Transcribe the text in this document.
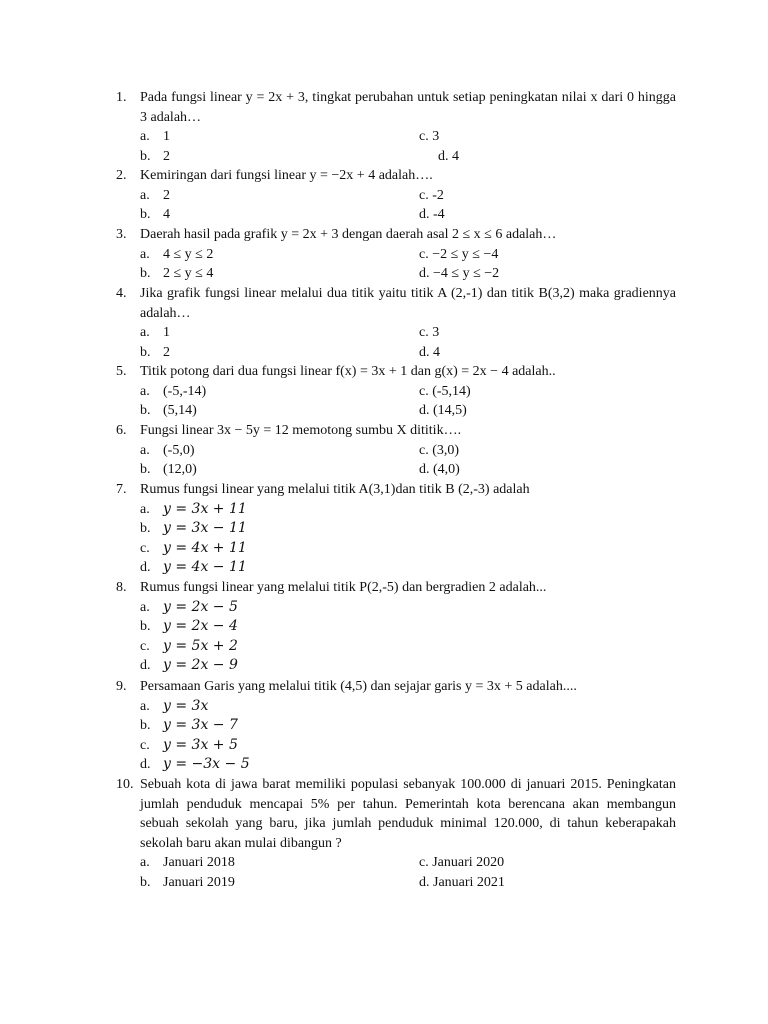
1. Pada fungsi linear y = 2x + 3, tingkat perubahan untuk setiap peningkatan nilai x dari 0 hingga 3 adalah…
a. 1	c. 3
b. 2	d. 4
2. Kemiringan dari fungsi linear y = −2x + 4 adalah….
a. 2	c. -2
b. 4	d. -4
3. Daerah hasil pada grafik y = 2x + 3 dengan daerah asal 2 ≤ x ≤ 6 adalah…
a. 4 ≤ y ≤ 2	c. −2 ≤ y ≤ −4
b. 2 ≤ y ≤ 4	d. −4 ≤ y ≤ −2
4. Jika grafik fungsi linear melalui dua titik yaitu titik A (2,-1) dan titik B(3,2) maka gradiennya adalah…
a. 1	c. 3
b. 2	d. 4
5. Titik potong dari dua fungsi linear f(x) = 3x + 1 dan g(x) = 2x − 4 adalah..
a. (-5,-14)	c. (-5,14)
b. (5,14)	d. (14,5)
6. Fungsi linear 3x − 5y = 12 memotong sumbu X dititik….
a. (-5,0)	c. (3,0)
b. (12,0)	d. (4,0)
7. Rumus fungsi linear yang melalui titik A(3,1)dan titik B (2,-3) adalah
a. y = 3x + 11
b. y = 3x − 11
c. y = 4x + 11
d. y = 4x − 11
8. Rumus fungsi linear yang melalui titik P(2,-5) dan bergradien 2 adalah...
a. y = 2x − 5
b. y = 2x − 4
c. y = 5x + 2
d. y = 2x − 9
9. Persamaan Garis yang melalui titik (4,5) dan sejajar garis y = 3x + 5 adalah....
a. y = 3x
b. y = 3x − 7
c. y = 3x + 5
d. y = −3x − 5
10. Sebuah kota di jawa barat memiliki populasi sebanyak 100.000 di januari 2015. Peningkatan jumlah penduduk mencapai 5% per tahun. Pemerintah kota berencana akan membangun sebuah sekolah yang baru, jika jumlah penduduk minimal 120.000, di tahun keberapakah sekolah baru akan mulai dibangun ?
a. Januari 2018	c. Januari 2020
b. Januari 2019	d. Januari 2021
